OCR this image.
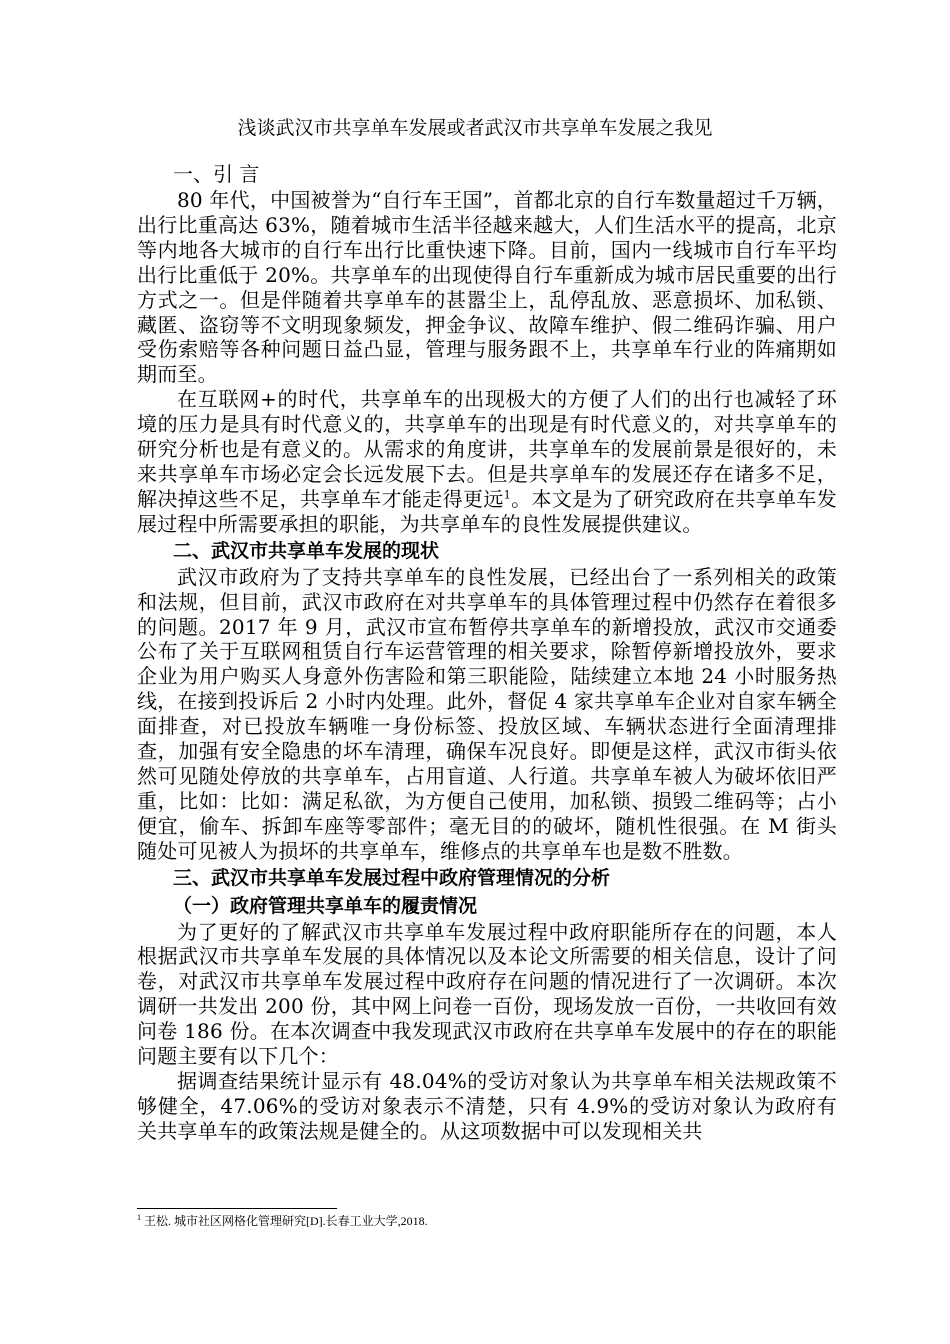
浅谈武汉市共享单车发展或者武汉市共享单车发展之我见
一、引 言

80 年代，中国被誉为“自行车王国”，首都北京的自行车数量超过千万辆，出行比重高达 63%，随着城市生活半径越来越大，人们生活水平的提高，北京等内地各大城市的自行车出行比重快速下降。目前，国内一线城市自行车平均出行比重低于 20%。共享单车的出现使得自行车重新成为城市居民重要的出行方式之一。但是伴随着共享单车的甚嚣尘上，乱停乱放、恶意损坏、加私锁、藏匿、盗窃等不文明现象频发，押金争议、故障车维护、假二维码诈骗、用户受伤索赔等各种问题日益凸显，管理与服务跟不上，共享单车行业的阵痛期如期而至。

在互联网+的时代，共享单车的出现极大的方便了人们的出行也减轻了环境的压力是具有时代意义的，共享单车的出现是有时代意义的，对共享单车的研究分析也是有意义的。从需求的角度讲，共享单车的发展前景是很好的，未来共享单车市场必定会长远发展下去。但是共享单车的发展还存在诸多不足，解决掉这些不足，共享单车才能走得更远$^1$。本文是为了研究政府在共享单车发展过程中所需要承担的职能，为共享单车的良性发展提供建议。

二、武汉市共享单车发展的现状

武汉市政府为了支持共享单车的良性发展，已经出台了一系列相关的政策和法规，但目前，武汉市政府在对共享单车的具体管理过程中仍然存在着很多的问题。2017 年 9 月，武汉市宣布暂停共享单车的新增投放，武汉市交通委公布了关于互联网租赁自行车运营管理的相关要求，除暂停新增投放外，要求企业为用户购买人身意外伤害险和第三职能险，陆续建立本地 24 小时服务热线，在接到投诉后 2 小时内处理。此外，督促 4 家共享单车企业对自家车辆全面排查，对已投放车辆唯一身份标签、投放区域、车辆状态进行全面清理排查，加强有安全隐患的坏车清理，确保车况良好。即便是这样，武汉市街头依然可见随处停放的共享单车，占用盲道、人行道。共享单车被人为破坏依旧严重，比如：比如：满足私欲，为方便自己使用，加私锁、损毁二维码等；占小便宜，偷车、拆卸车座等零部件；毫无目的的破坏，随机性很强。在 M 街头随处可见被人为损坏的共享单车，维修点的共享单车也是数不胜数。

三、武汉市共享单车发展过程中政府管理情况的分析
（一）政府管理共享单车的履责情况

为了更好的了解武汉市共享单车发展过程中政府职能所存在的问题，本人根据武汉市共享单车发展的具体情况以及本论文所需要的相关信息，设计了问卷，对武汉市共享单车发展过程中政府存在问题的情况进行了一次调研。本次调研一共发出 200 份，其中网上问卷一百份，现场发放一百份，一共收回有效问卷 186 份。在本次调查中我发现武汉市政府在共享单车发展中的存在的职能问题主要有以下几个：

据调查结果统计显示有 48.04%的受访对象认为共享单车相关法规政策不够健全，47.06%的受访对象表示不清楚，只有 4.9%的受访对象认为政府有关共享单车的政策法规是健全的。从这项数据中可以发现相关共

$^1$ 王松. 城市社区网格化管理研究[D].长春工业大学,2018.
